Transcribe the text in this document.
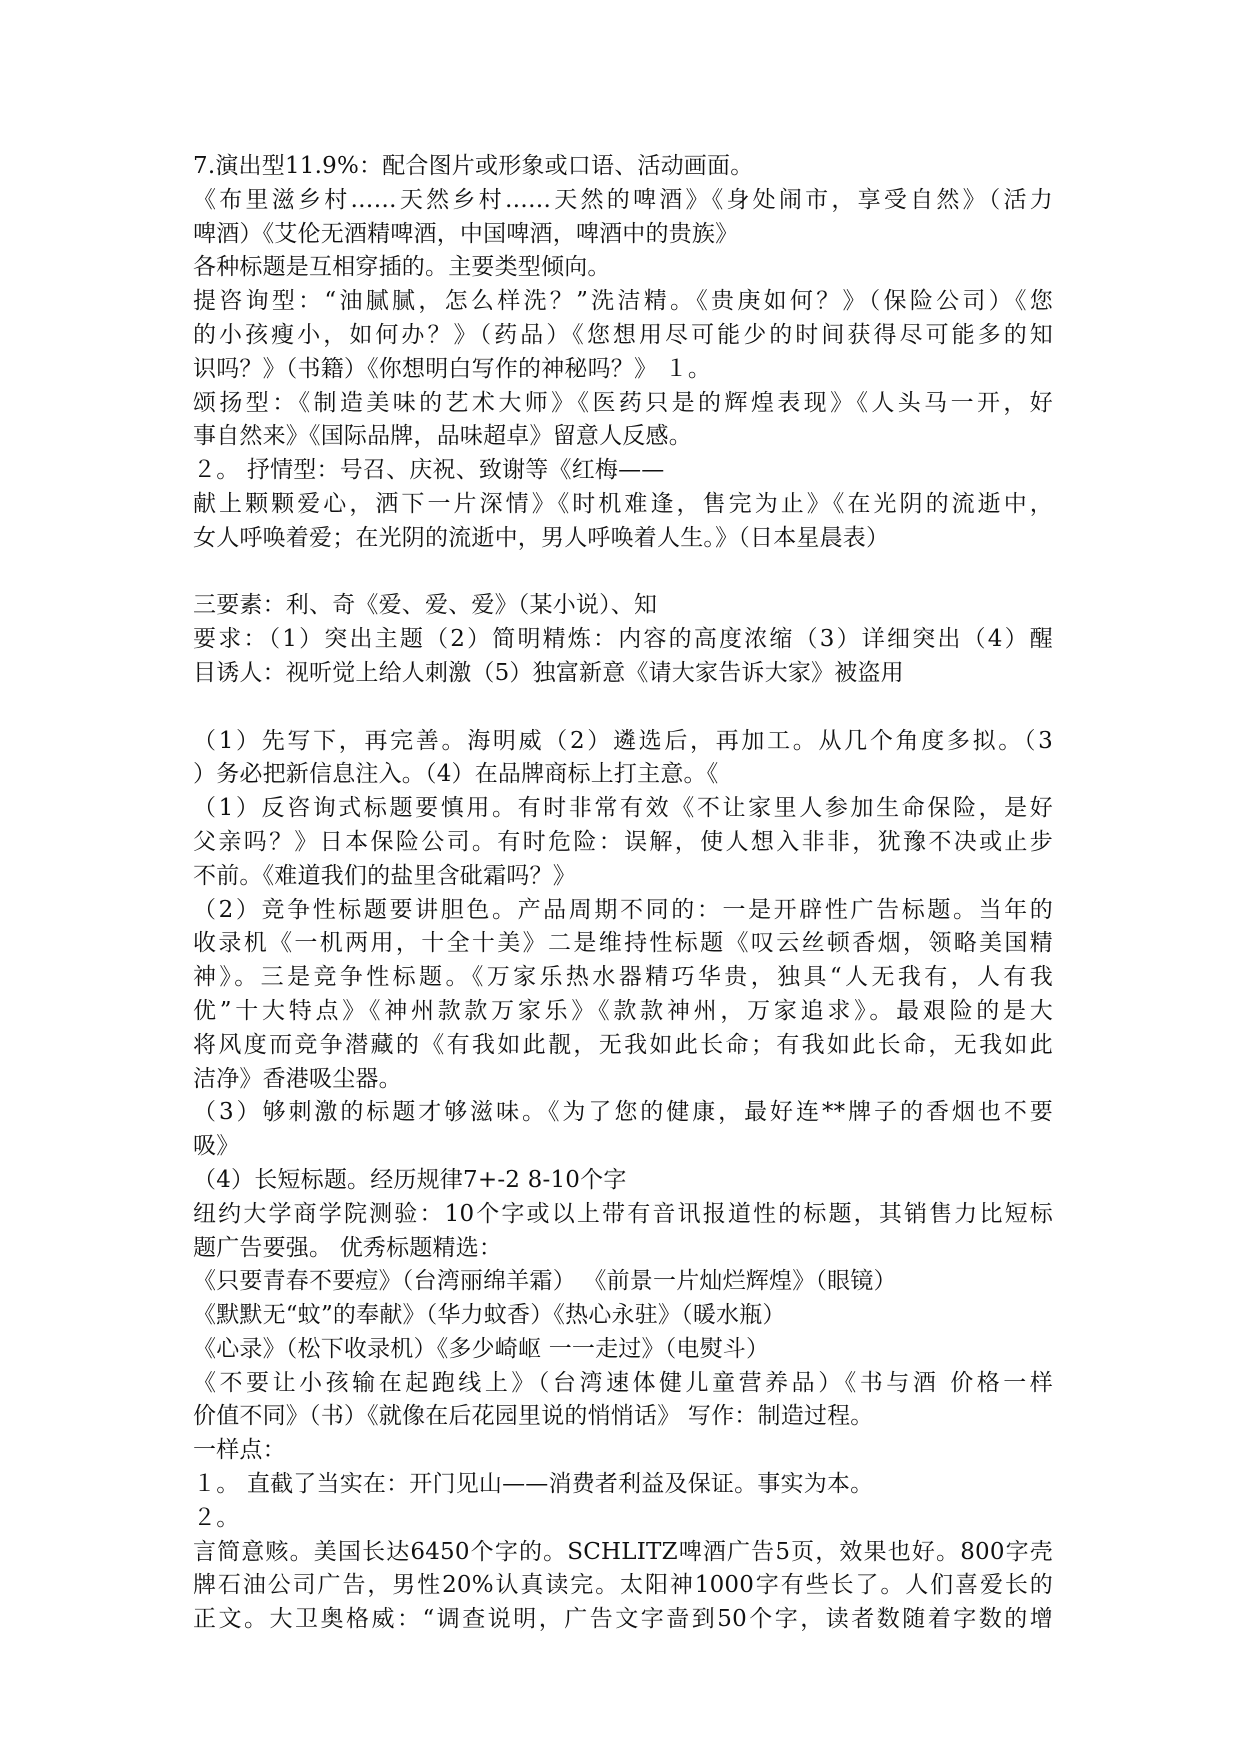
7.演出型11.9%：配合图片或形象或口语、活动画面。
《布里滋乡村……天然乡村……天然的啤酒》《身处闹市，享受自然》（活力
啤酒）《艾伦无酒精啤酒，中国啤酒，啤酒中的贵族》
各种标题是互相穿插的。主要类型倾向。
提咨询型：“油腻腻，怎么样洗？”洗洁精。《贵庚如何？》（保险公司）《您
的小孩瘦小，如何办？》（药品）《您想用尽可能少的时间获得尽可能多的知
识吗？》（书籍）《你想明白写作的神秘吗？》 １。
颂扬型：《制造美味的艺术大师》《医药只是的辉煌表现》《人头马一开，好
事自然来》《国际品牌，品味超卓》留意人反感。
２。 抒情型：号召、庆祝、致谢等《红梅——
献上颗颗爱心，洒下一片深情》《时机难逢，售完为止》《在光阴的流逝中，
女人呼唤着爱；在光阴的流逝中，男人呼唤着人生。》（日本星晨表）
三要素：利、奇《爱、爱、爱》（某小说）、知
要求：（1）突出主题（2）简明精炼：内容的高度浓缩（3）详细突出（4）醒
目诱人：视听觉上给人刺激（5）独富新意《请大家告诉大家》被盗用
（1）先写下，再完善。海明威（2）遴选后，再加工。从几个角度多拟。（3
）务必把新信息注入。（4）在品牌商标上打主意。《
（1）反咨询式标题要慎用。有时非常有效《不让家里人参加生命保险，是好
父亲吗？》日本保险公司。有时危险：误解，使人想入非非，犹豫不决或止步
不前。《难道我们的盐里含砒霜吗？》
（2）竞争性标题要讲胆色。产品周期不同的：一是开辟性广告标题。当年的
收录机《一机两用，十全十美》二是维持性标题《叹云丝顿香烟，领略美国精
神》。三是竞争性标题。《万家乐热水器精巧华贵，独具“人无我有，人有我
优”十大特点》《神州款款万家乐》《款款神州，万家追求》。最艰险的是大
将风度而竞争潜藏的《有我如此靓，无我如此长命；有我如此长命，无我如此
洁净》香港吸尘器。
（3）够刺激的标题才够滋味。《为了您的健康，最好连**牌子的香烟也不要
吸》
（4）长短标题。经历规律7+-2 8-10个字
纽约大学商学院测验：10个字或以上带有音讯报道性的标题，其销售力比短标
题广告要强。 优秀标题精选：
《只要青春不要痘》（台湾丽绵羊霜） 《前景一片灿烂辉煌》（眼镜）
《默默无“蚊”的奉献》（华力蚊香）《热心永驻》（暖水瓶）
《心录》（松下收录机）《多少崎岖 一一走过》（电熨斗）
《不要让小孩输在起跑线上》（台湾速体健儿童营养品）《书与酒 价格一样
价值不同》（书）《就像在后花园里说的悄悄话》 写作：制造过程。
一样点：
１。 直截了当实在：开门见山——消费者利益及保证。事实为本。
２。
言简意赅。美国长达6450个字的。SCHLITZ啤酒广告5页，效果也好。800字壳
牌石油公司广告，男性20%认真读完。太阳神1000字有些长了。人们喜爱长的
正文。大卫奥格威：“调查说明，广告文字啬到50个字，读者数随着字数的增
